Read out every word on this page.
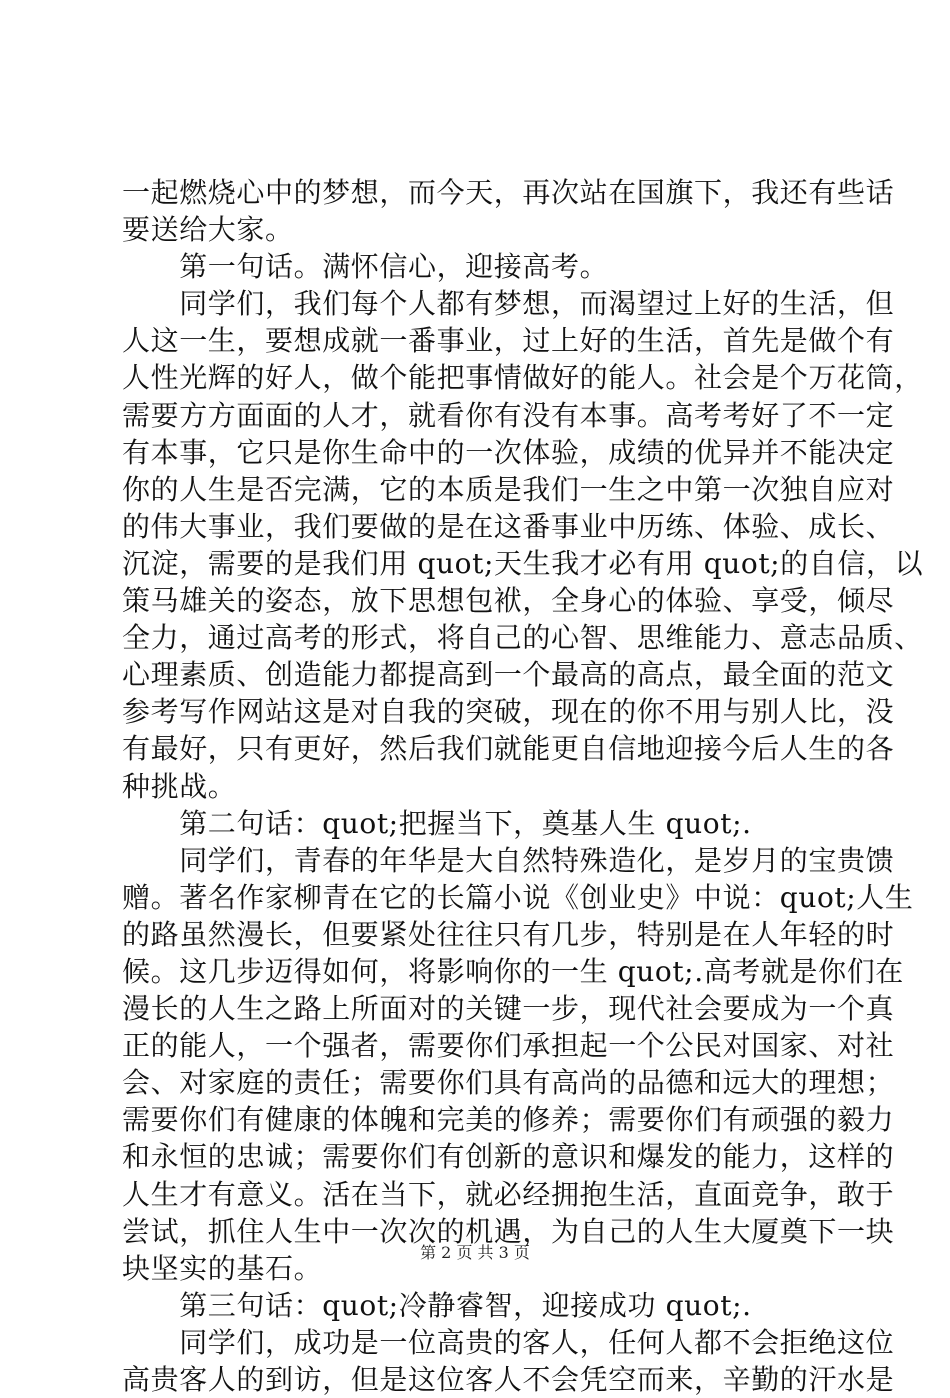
一起燃烧心中的梦想，而今天，再次站在国旗下，我还有些话
要送给大家。
　　第一句话。满怀信心，迎接高考。
　　同学们，我们每个人都有梦想，而渴望过上好的生活，但
人这一生，要想成就一番事业，过上好的生活，首先是做个有
人性光辉的好人，做个能把事情做好的能人。社会是个万花筒，
需要方方面面的人才，就看你有没有本事。高考考好了不一定
有本事，它只是你生命中的一次体验，成绩的优异并不能决定
你的人生是否完满，它的本质是我们一生之中第一次独自应对
的伟大事业，我们要做的是在这番事业中历练、体验、成长、
沉淀，需要的是我们用 quot;天生我才必有用 quot;的自信，以
策马雄关的姿态，放下思想包袱，全身心的体验、享受，倾尽
全力，通过高考的形式，将自己的心智、思维能力、意志品质、
心理素质、创造能力都提高到一个最高的高点，最全面的范文
参考写作网站这是对自我的突破，现在的你不用与别人比，没
有最好，只有更好，然后我们就能更自信地迎接今后人生的各
种挑战。
　　第二句话：quot;把握当下，奠基人生 quot;.
　　同学们，青春的年华是大自然特殊造化，是岁月的宝贵馈
赠。著名作家柳青在它的长篇小说《创业史》中说：quot;人生
的路虽然漫长，但要紧处往往只有几步，特别是在人年轻的时
候。这几步迈得如何，将影响你的一生 quot;.高考就是你们在
漫长的人生之路上所面对的关键一步，现代社会要成为一个真
正的能人，一个强者，需要你们承担起一个公民对国家、对社
会、对家庭的责任；需要你们具有高尚的品德和远大的理想；
需要你们有健康的体魄和完美的修养；需要你们有顽强的毅力
和永恒的忠诚；需要你们有创新的意识和爆发的能力，这样的
人生才有意义。活在当下，就必经拥抱生活，直面竞争，敢于
尝试，抓住人生中一次次的机遇，为自己的人生大厦奠下一块
块坚实的基石。
　　第三句话：quot;冷静睿智，迎接成功 quot;.
　　同学们，成功是一位高贵的客人，任何人都不会拒绝这位
高贵客人的到访，但是这位客人不会凭空而来，辛勤的汗水是
第 2 页 共 3 页
